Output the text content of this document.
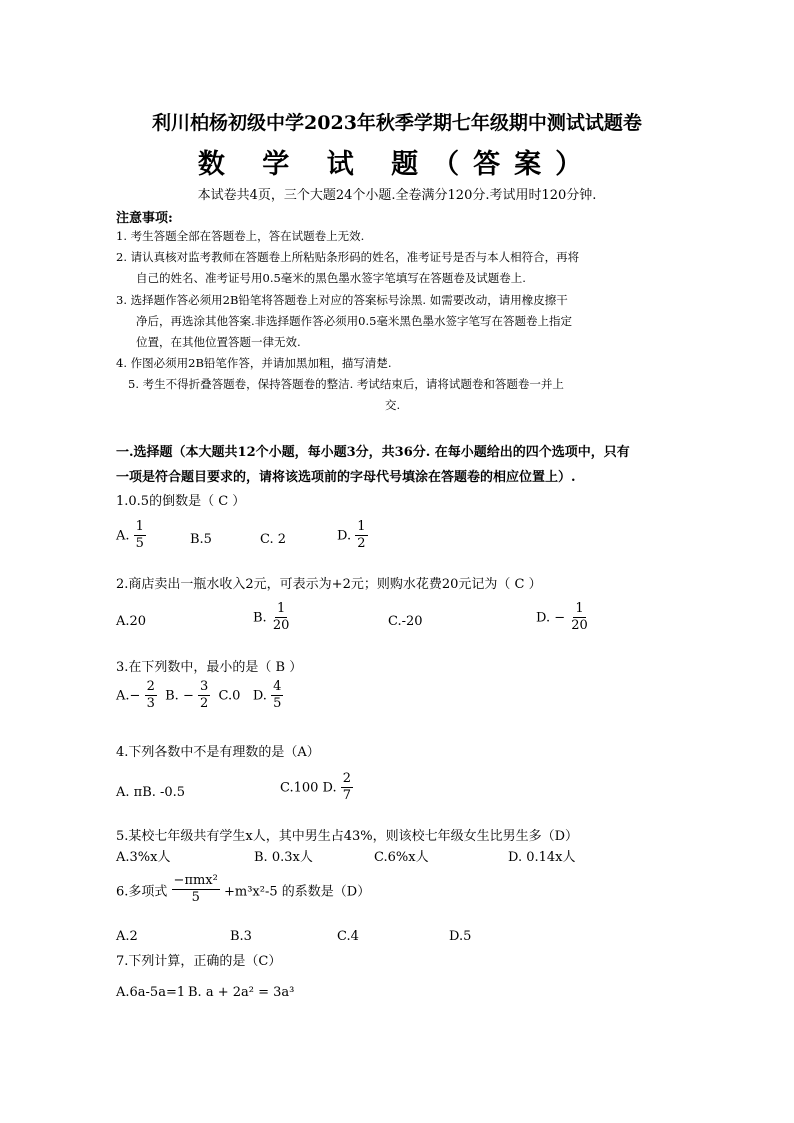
利川柏杨初级中学2023年秋季学期七年级期中测试试题卷
数 学 试 题（答案）
本试卷共4页，三个大题24个小题.全卷满分120分.考试用时120分钟.
注意事项:
1. 考生答题全部在答题卷上，答在试题卷上无效.
2. 请认真核对监考教师在答题卷上所粘贴条形码的姓名，准考证号是否与本人相符合，再将
自己的姓名、准考证号用0.5毫米的黑色墨水签字笔填写在答题卷及试题卷上.
3. 选择题作答必须用2B铅笔将答题卷上对应的答案标号涂黑. 如需要改动，请用橡皮擦干
净后，再选涂其他答案.非选择题作答必须用0.5毫米黑色墨水签字笔写在答题卷上指定
位置，在其他位置答题一律无效.
4. 作图必须用2B铅笔作答，并请加黑加粗，描写清楚.
5. 考生不得折叠答题卷，保持答题卷的整洁. 考试结束后，请将试题卷和答题卷一并上
交.
一.选择题（本大题共12个小题，每小题3分，共36分. 在每小题给出的四个选项中，只有
一项是符合题目要求的，请将该选项前的字母代号填涂在答题卷的相应位置上）.
1.0.5的倒数是（ C ）
A. $\frac{1}{5}$	B.5	C. 2	D. $\frac{1}{2}$
2.商店卖出一瓶水收入2元，可表示为+2元；则购水花费20元记为（ C ）
A.20	B. $\frac{1}{20}$	C.-20	D. − $\frac{1}{20}$
3.在下列数中，最小的是（ B ）
$A.- \frac{2}{3} B$. − $\frac{3}{2} C.0$ D. $\frac{4}{5}$
4.下列各数中不是有理数的是（A）
A. πB. -0.5	C.100 D. $\frac{2}{7}$
5.某校七年级共有学生x人，其中男生占43%，则该校七年级女生比男生多（D）
A.3%x人	B. 0.3x人	C.6%x人	D. 0.14x人
6.多项式 $\frac{\text{−πmx²}}{5} +m^3x^2-5$ 的系数是（D）
A.2	B.3	C.4	D.5
7.下列计算，正确的是（C）
A.6a-5a=1 B. a + 2a² = 3a³
